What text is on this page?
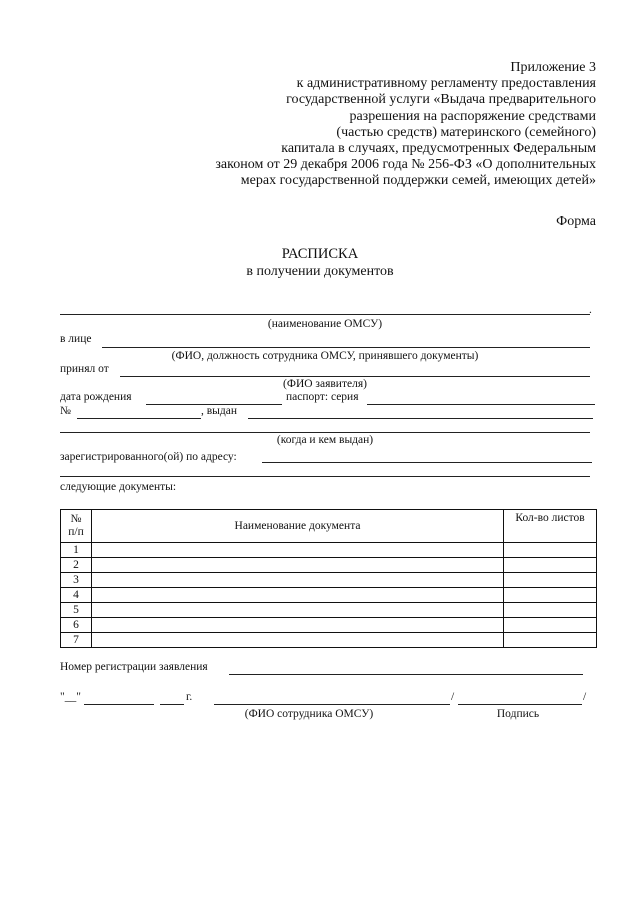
Приложение 3
к административному регламенту предоставления
государственной услуги «Выдача предварительного
разрешения на распоряжение средствами
(частью средств) материнского (семейного)
капитала в случаях, предусмотренных Федеральным
законом от 29 декабря 2006 года № 256-ФЗ «О дополнительных
мерах государственной поддержки семей, имеющих детей»
Форма
РАСПИСКА
в получении документов
.
(наименование ОМСУ)
в лице
(ФИО, должность сотрудника ОМСУ, принявшего документы)
принял от
(ФИО заявителя)
дата рождения	паспорт: серия
№	, выдан
(когда и кем выдан)
зарегистрированного(ой) по адресу:
следующие документы:
№
п/п	Наименование документа	Кол-во листов
1		
2		
3		
4		
5		
6		
7		
Номер регистрации заявления
"__"	г.	/	/
(ФИО сотрудника ОМСУ)	Подпись
